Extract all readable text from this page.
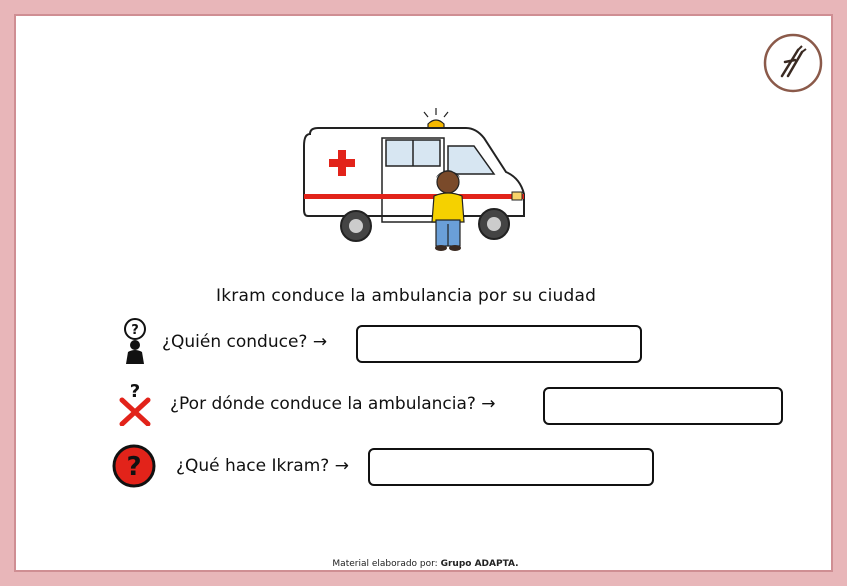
Ikram conduce la ambulancia por su ciudad
?
¿Quién conduce? →
?
¿Por dónde conduce la ambulancia? →
? ¿Qué hace Ikram? →
Material elaborado por: Grupo ADAPTA.
